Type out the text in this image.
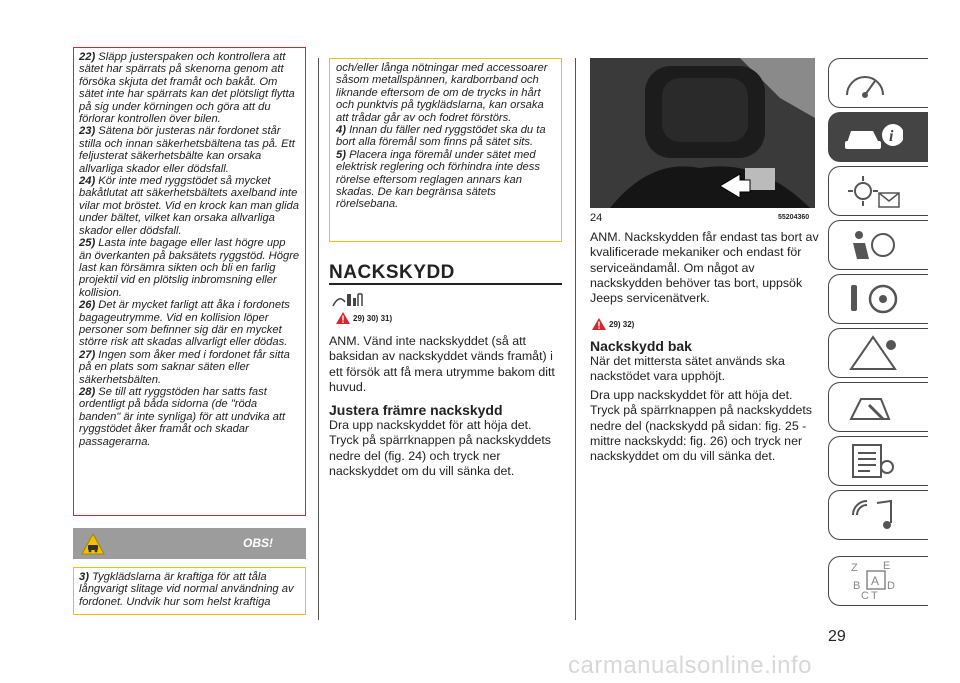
22) Släpp justerspaken och kontrollera att sätet har spärrats på skenorna genom att försöka skjuta det framåt och bakåt. Om sätet inte har spärrats kan det plötsligt flytta på sig under körningen och göra att du förlorar kontrollen över bilen.
23) Sätena bör justeras när fordonet står stilla och innan säkerhetsbältena tas på. Ett feljusterat säkerhetsbälte kan orsaka allvarliga skador eller dödsfall.
24) Kör inte med ryggstödet så mycket bakåtlutat att säkerhetsbältets axelband inte vilar mot bröstet. Vid en krock kan man glida under bältet, vilket kan orsaka allvarliga skador eller dödsfall.
25) Lasta inte bagage eller last högre upp än överkanten på baksätets ryggstöd. Högre last kan försämra sikten och bli en farlig projektil vid en plötslig inbromsning eller kollision.
26) Det är mycket farligt att åka i fordonets bagageutrymme. Vid en kollision löper personer som befinner sig där en mycket större risk att skadas allvarligt eller dödas.
27) Ingen som åker med i fordonet får sitta på en plats som saknar säten eller säkerhetsbälten.
28) Se till att ryggstöden har satts fast ordentligt på båda sidorna (de "röda banden" är inte synliga) för att undvika att ryggstödet åker framåt och skadar passagerarna.
OBS!
3) Tygklädslarna är kraftiga för att tåla långvarigt slitage vid normal användning av fordonet. Undvik hur som helst kraftiga
och/eller långa nötningar med accessoarer såsom metallspännen, kardborrband och liknande eftersom de om de trycks in hårt och punktvis på tygklädslarna, kan orsaka att trådar går av och fodret förstörs.
4) Innan du fäller ned ryggstödet ska du ta bort alla föremål som finns på sätet sits.
5) Placera inga föremål under sätet med elektrisk reglering och förhindra inte dess rörelse eftersom reglagen annars kan skadas. De kan begränsa sätets rörelsebana.
NACKSKYDD
29) 30) 31)
ANM. Vänd inte nackskyddet (så att baksidan av nackskyddet vänds framåt) i ett försök att få mera utrymme bakom ditt huvud.
Justera främre nackskydd
Dra upp nackskyddet för att höja det. Tryck på spärrknappen på nackskyddets nedre del (fig. 24) och tryck ner nackskyddet om du vill sänka det.
24	55204360
ANM. Nackskydden får endast tas bort av kvalificerade mekaniker och endast för serviceändamål. Om något av nackskydden behöver tas bort, uppsök Jeeps servicenätverk.
29) 32)
Nackskydd bak
När det mittersta sätet används ska nackstödet vara upphöjt.
Dra upp nackskyddet för att höja det. Tryck på spärrknappen på nackskyddets nedre del (nackskydd på sidan: fig. 25 - mittre nackskydd: fig. 26) och tryck ner nackskyddet om du vill sänka det.
i
Z E
B
C T
D
A
29
carmanualsonline.info
